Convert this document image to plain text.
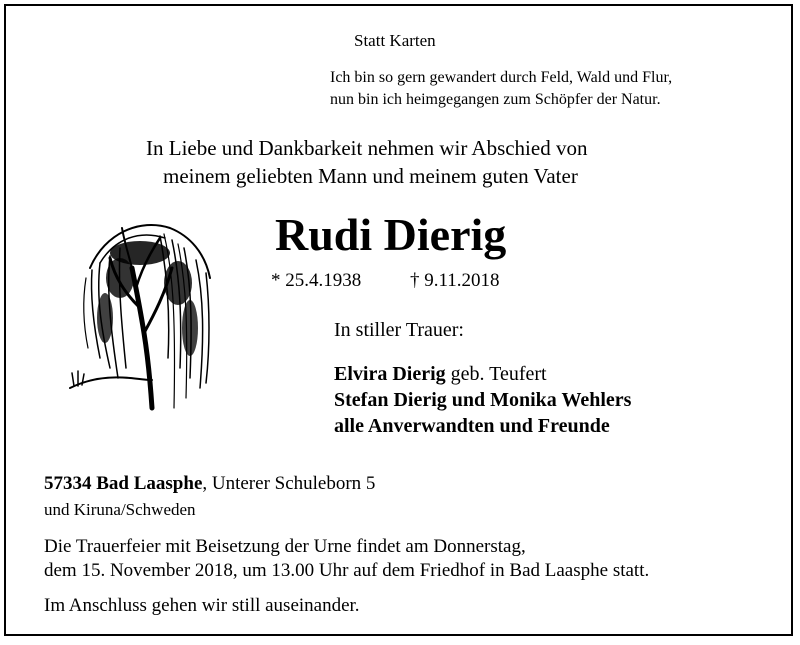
Statt Karten
Ich bin so gern gewandert durch Feld, Wald und Flur,
nun bin ich heimgegangen zum Schöpfer der Natur.
In Liebe und Dankbarkeit nehmen wir Abschied von
meinem geliebten Mann und meinem guten Vater
Rudi Dierig
* 25.4.1938	† 9.11.2018
In stiller Trauer:
Elvira Dierig geb. Teufert
Stefan Dierig und Monika Wehlers
alle Anverwandten und Freunde
57334 Bad Laasphe, Unterer Schuleborn 5
und Kiruna/Schweden
Die Trauerfeier mit Beisetzung der Urne findet am Donnerstag,
dem 15. November 2018, um 13.00 Uhr auf dem Friedhof in Bad Laasphe statt.
Im Anschluss gehen wir still auseinander.
